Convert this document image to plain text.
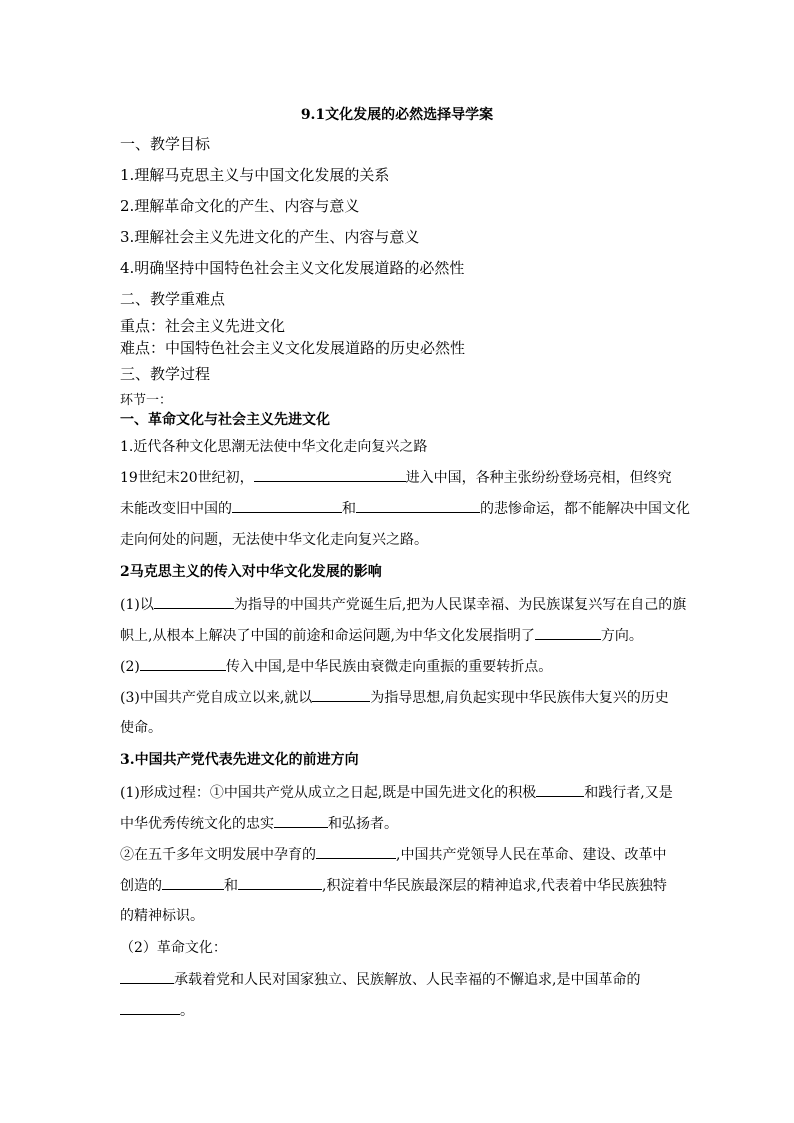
9.1文化发展的必然选择导学案
一、教学目标
1.理解马克思主义与中国文化发展的关系
2.理解革命文化的产生、内容与意义
3.理解社会主义先进文化的产生、内容与意义
4.明确坚持中国特色社会主义文化发展道路的必然性
二、教学重难点
重点：社会主义先进文化
难点：中国特色社会主义文化发展道路的历史必然性
三、教学过程
环节一：
一、革命文化与社会主义先进文化
1.近代各种文化思潮无法使中华文化走向复兴之路
19世纪末20世纪初，	进入中国，各种主张纷纷登场亮相，但终究
未能改变旧中国的	和	的悲惨命运，都不能解决中国文化
走向何处的问题，无法使中华文化走向复兴之路。
2马克思主义的传入对中华文化发展的影响
(1)以	为指导的中国共产党诞生后,把为人民谋幸福、为民族谋复兴写在自己的旗
帜上,从根本上解决了中国的前途和命运问题,为中华文化发展指明了	方向。
(2)	传入中国,是中华民族由衰微走向重振的重要转折点。
(3)中国共产党自成立以来,就以	为指导思想,肩负起实现中华民族伟大复兴的历史
使命。
3.中国共产党代表先进文化的前进方向
(1)形成过程：①中国共产党从成立之日起,既是中国先进文化的积极	和践行者,又是
中华优秀传统文化的忠实	和弘扬者。
②在五千多年文明发展中孕育的	,中国共产党领导人民在革命、建设、改革中
创造的	和	,积淀着中华民族最深层的精神追求,代表着中华民族独特
的精神标识。
（2）革命文化：
承载着党和人民对国家独立、民族解放、人民幸福的不懈追求,是中国革命的
。
